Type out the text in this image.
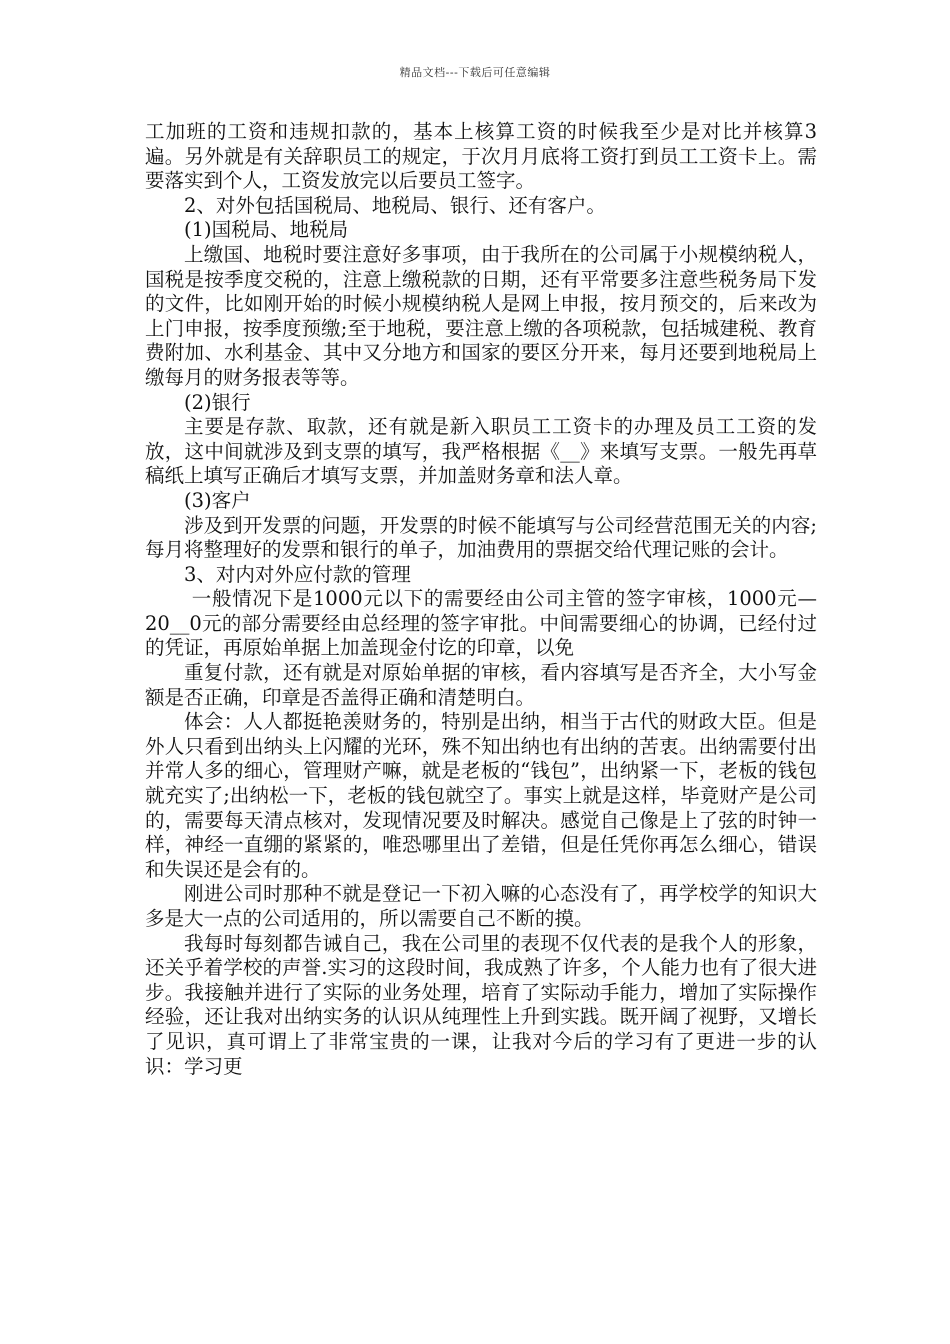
精品文档---下载后可任意编辑

工加班的工资和违规扣款的，基本上核算工资的时候我至少是对比并核算3遍。另外就是有关辞职员工的规定，于次月月底将工资打到员工工资卡上。需要落实到个人，工资发放完以后要员工签字。

2、对外包括国税局、地税局、银行、还有客户。

(1)国税局、地税局

上缴国、地税时要注意好多事项，由于我所在的公司属于小规模纳税人，国税是按季度交税的，注意上缴税款的日期，还有平常要多注意些税务局下发的文件，比如刚开始的时候小规模纳税人是网上申报，按月预交的，后来改为上门申报，按季度预缴;至于地税，要注意上缴的各项税款，包括城建税、教育费附加、水利基金、其中又分地方和国家的要区分开来，每月还要到地税局上缴每月的财务报表等等。

(2)银行

主要是存款、取款，还有就是新入职员工工资卡的办理及员工工资的发放，这中间就涉及到支票的填写，我严格根据《__》来填写支票。一般先再草稿纸上填写正确后才填写支票，并加盖财务章和法人章。

(3)客户

涉及到开发票的问题，开发票的时候不能填写与公司经营范围无关的内容;每月将整理好的发票和银行的单子，加油费用的票据交给代理记账的会计。

3、对内对外应付款的管理

一般情况下是1000元以下的需要经由公司主管的签字审核，1000元—20__0元的部分需要经由总经理的签字审批。中间需要细心的协调，已经付过的凭证，再原始单据上加盖现金付讫的印章，以免

重复付款，还有就是对原始单据的审核，看内容填写是否齐全，大小写金额是否正确，印章是否盖得正确和清楚明白。

体会：人人都挺艳羡财务的，特别是出纳，相当于古代的财政大臣。但是外人只看到出纳头上闪耀的光环，殊不知出纳也有出纳的苦衷。出纳需要付出并常人多的细心，管理财产嘛，就是老板的“钱包”，出纳紧一下，老板的钱包就充实了;出纳松一下，老板的钱包就空了。事实上就是这样，毕竟财产是公司的，需要每天清点核对，发现情况要及时解决。感觉自己像是上了弦的时钟一样，神经一直绷的紧紧的，唯恐哪里出了差错，但是任凭你再怎么细心，错误和失误还是会有的。

刚进公司时那种不就是登记一下初入嘛的心态没有了，再学校学的知识大多是大一点的公司适用的，所以需要自己不断的摸。

我每时每刻都告诫自己，我在公司里的表现不仅代表的是我个人的形象，还关乎着学校的声誉.实习的这段时间，我成熟了许多，个人能力也有了很大进步。我接触并进行了实际的业务处理，培育了实际动手能力，增加了实际操作经验，还让我对出纳实务的认识从纯理性上升到实践。既开阔了视野，又增长了见识，真可谓上了非常宝贵的一课，让我对今后的学习有了更进一步的认识：学习更
